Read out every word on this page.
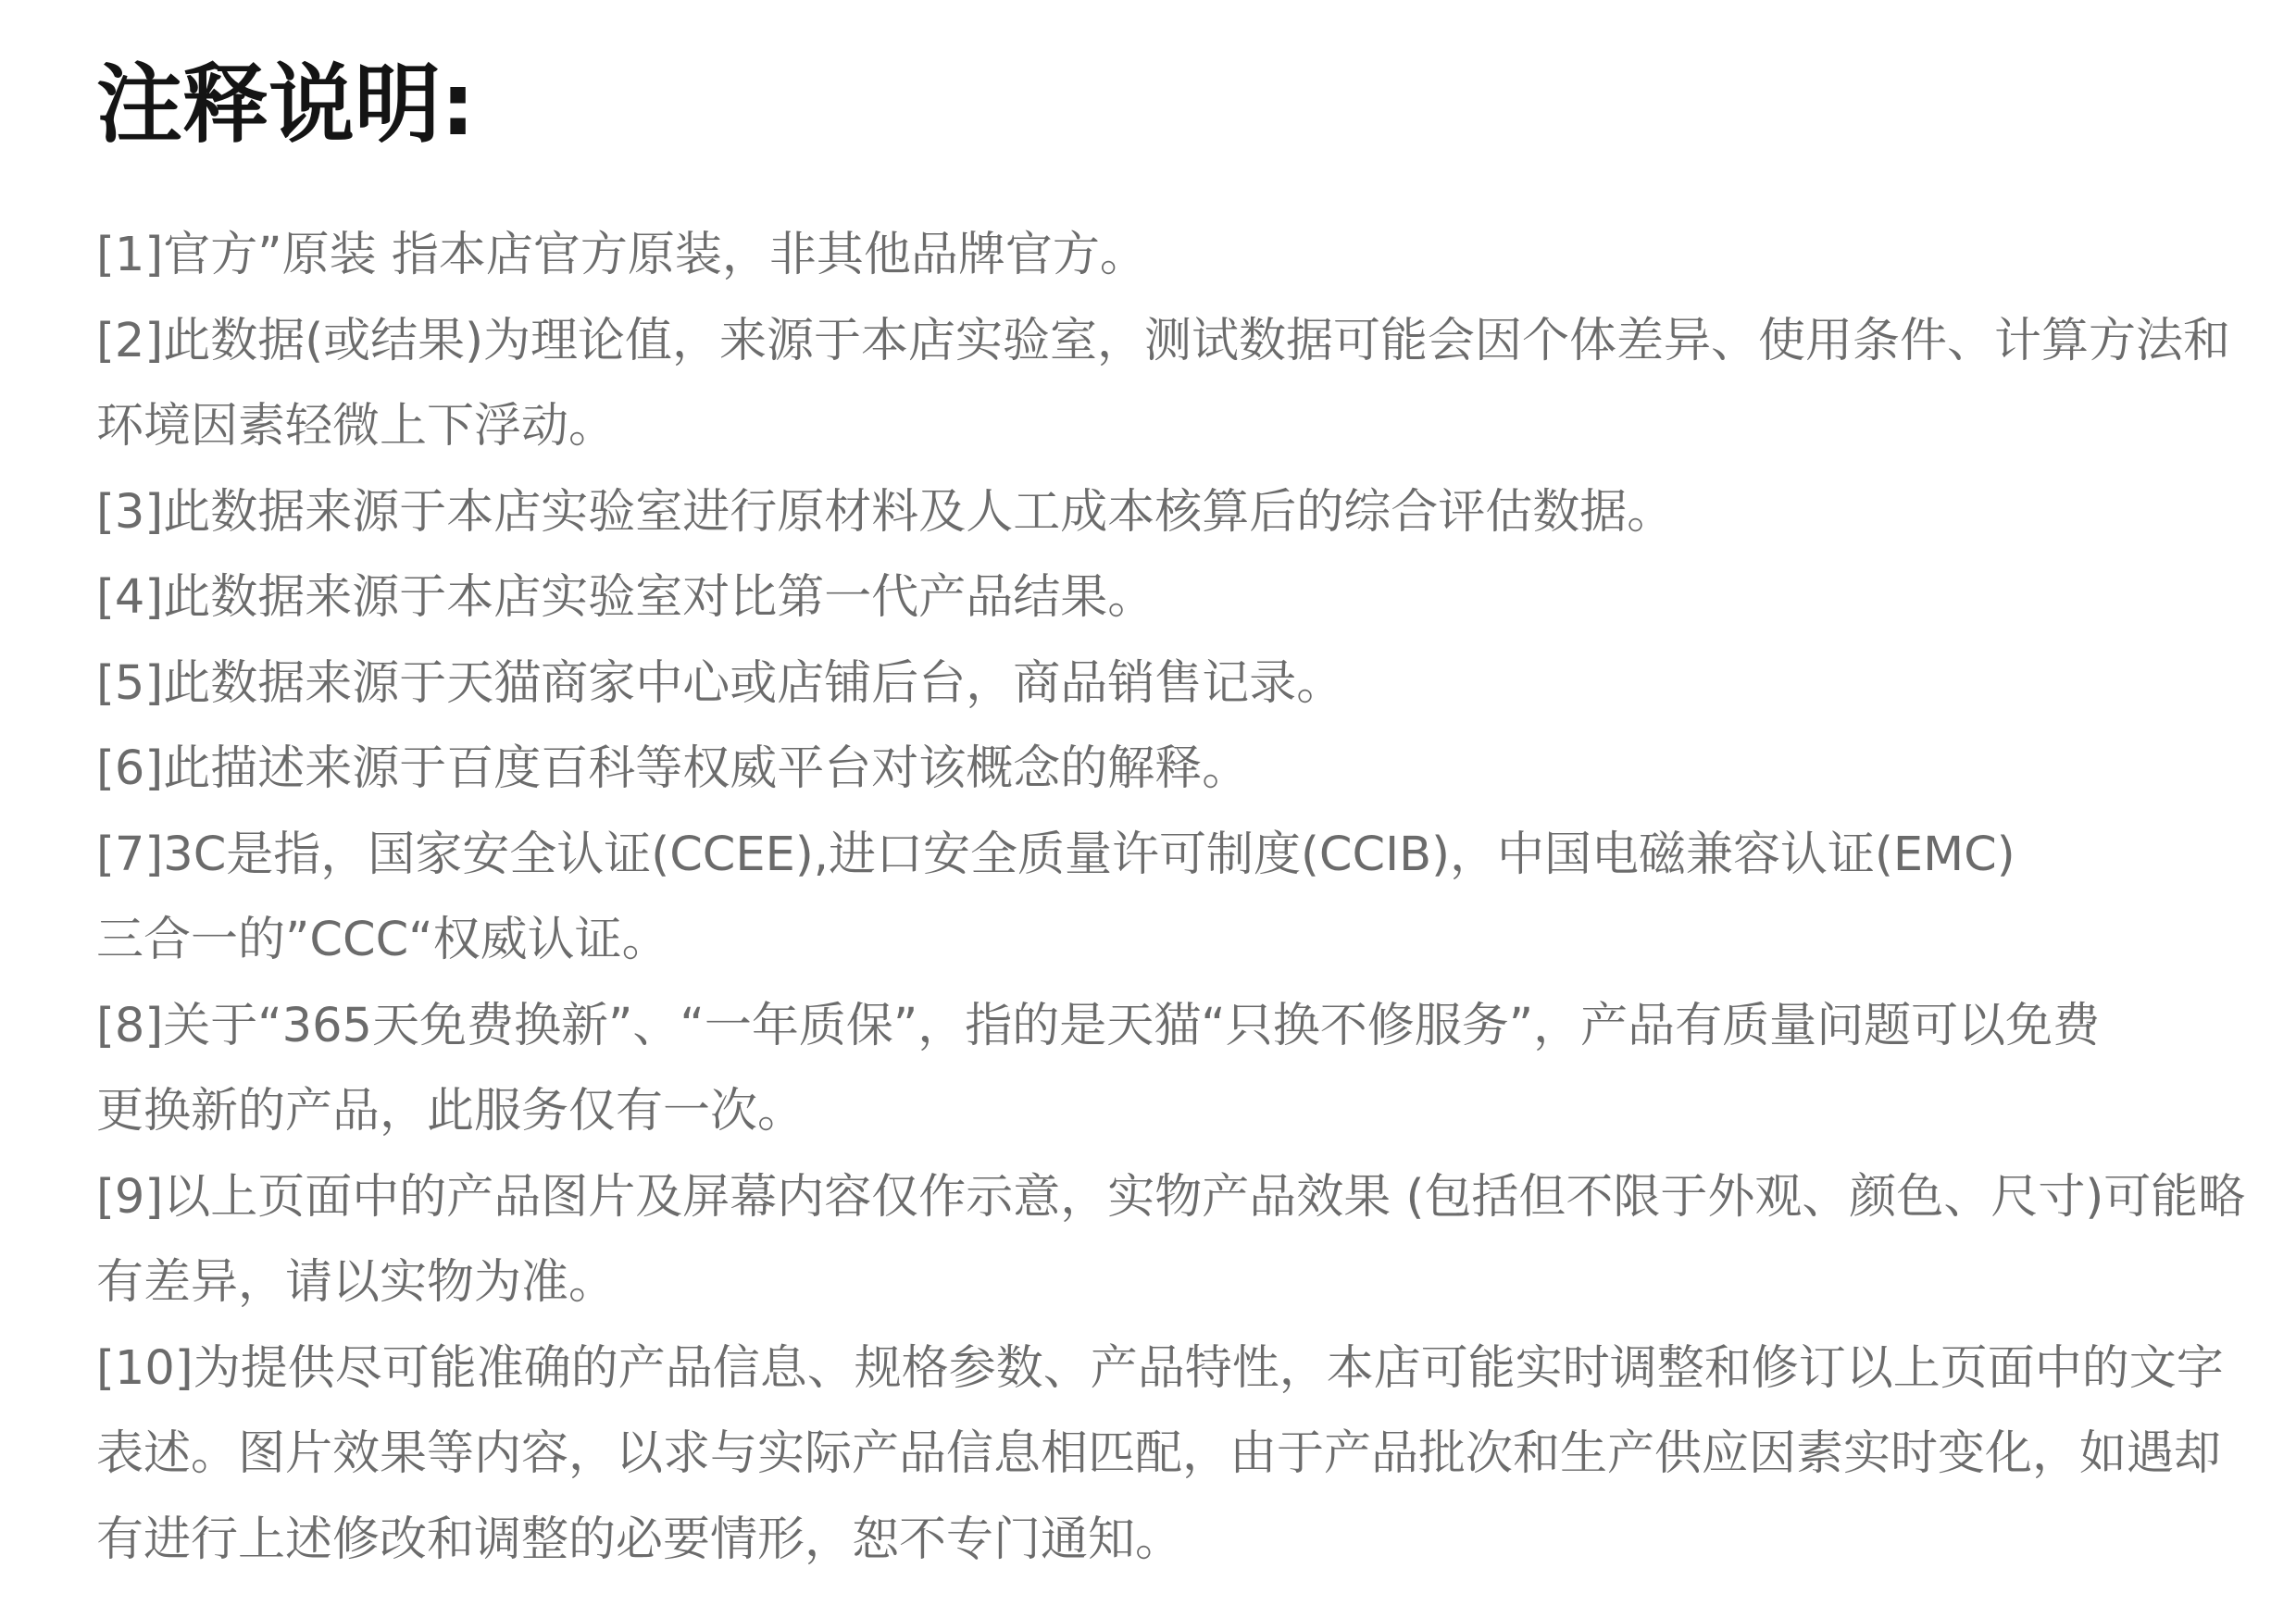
注释说明:
[1]官方”原装 指本店官方原装，非其他品牌官方。
[2]此数据(或结果)为理论值，来源于本店实验室，测试数据可能会因个体差异、使用条件、计算方法和
环境因素轻微上下浮动。
[3]此数据来源于本店实验室进行原材料及人工成本核算后的综合评估数据。
[4]此数据来源于本店实验室对比第一代产品结果。
[5]此数据来源于天猫商家中心或店铺后台，商品销售记录。
[6]此描述来源于百度百科等权威平台对该概念的解释。
[7]3C是指，国家安全认证(CCEE),进口安全质量许可制度(CCIB)，中国电磁兼容认证(EMC)
三合一的”CCC“权威认证。
[8]关于“365天免费换新”、“一年质保”，指的是天猫“只换不修服务”，产品有质量问题可以免费
更换新的产品，此服务仅有一次。
[9]以上页面中的产品图片及屏幕内容仅作示意，实物产品效果 (包括但不限于外观、颜色、尺寸)可能略
有差异，请以实物为准。
[10]为提供尽可能准确的产品信息、规格参数、产品特性，本店可能实时调整和修订以上页面中的文字
表述。图片效果等内容，以求与实际产品信息相匹配，由于产品批次和生产供应因素实时变化，如遇却
有进行上述修改和调整的必要情形，恕不专门通知。
